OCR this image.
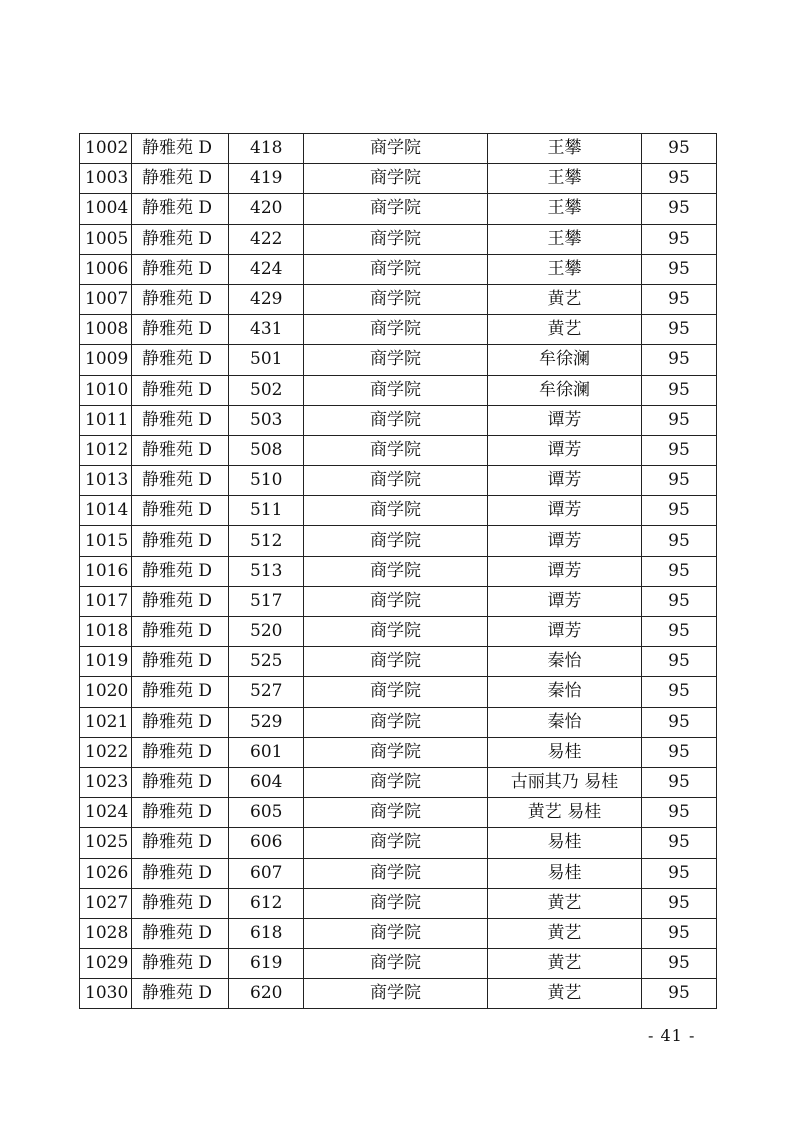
1002	静雅苑 D	418	商学院	王攀	95
1003	静雅苑 D	419	商学院	王攀	95
1004	静雅苑 D	420	商学院	王攀	95
1005	静雅苑 D	422	商学院	王攀	95
1006	静雅苑 D	424	商学院	王攀	95
1007	静雅苑 D	429	商学院	黄艺	95
1008	静雅苑 D	431	商学院	黄艺	95
1009	静雅苑 D	501	商学院	牟徐澜	95
1010	静雅苑 D	502	商学院	牟徐澜	95
1011	静雅苑 D	503	商学院	谭芳	95
1012	静雅苑 D	508	商学院	谭芳	95
1013	静雅苑 D	510	商学院	谭芳	95
1014	静雅苑 D	511	商学院	谭芳	95
1015	静雅苑 D	512	商学院	谭芳	95
1016	静雅苑 D	513	商学院	谭芳	95
1017	静雅苑 D	517	商学院	谭芳	95
1018	静雅苑 D	520	商学院	谭芳	95
1019	静雅苑 D	525	商学院	秦怡	95
1020	静雅苑 D	527	商学院	秦怡	95
1021	静雅苑 D	529	商学院	秦怡	95
1022	静雅苑 D	601	商学院	易桂	95
1023	静雅苑 D	604	商学院	古丽其乃 易桂	95
1024	静雅苑 D	605	商学院	黄艺 易桂	95
1025	静雅苑 D	606	商学院	易桂	95
1026	静雅苑 D	607	商学院	易桂	95
1027	静雅苑 D	612	商学院	黄艺	95
1028	静雅苑 D	618	商学院	黄艺	95
1029	静雅苑 D	619	商学院	黄艺	95
1030	静雅苑 D	620	商学院	黄艺	95
- 41 -
